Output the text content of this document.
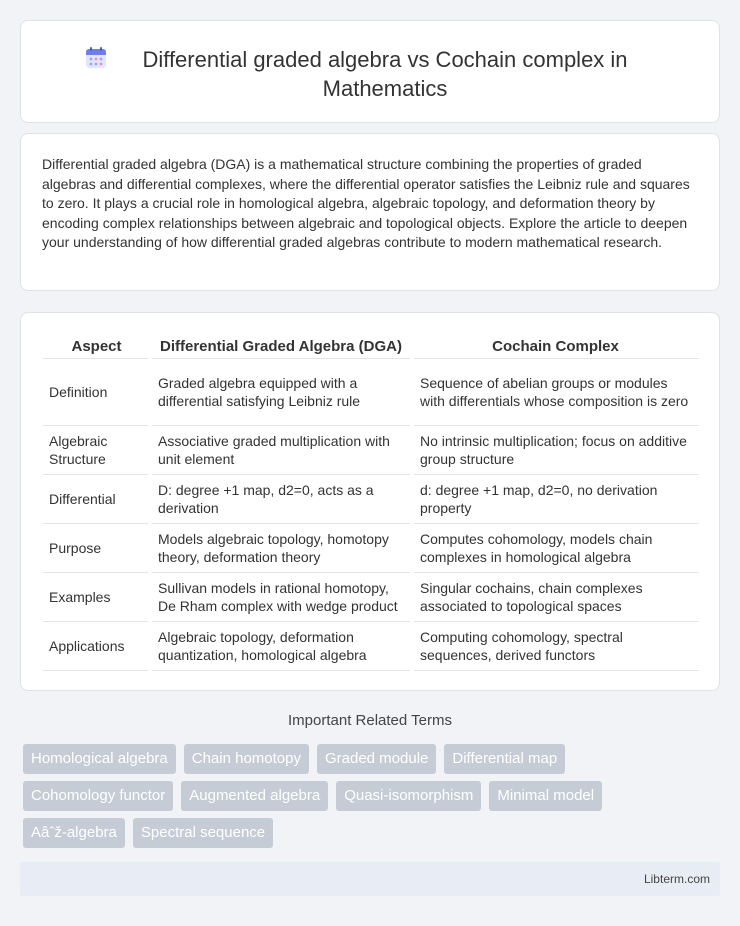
Differential graded algebra vs Cochain complex in Mathematics

Differential graded algebra (DGA) is a mathematical structure combining the properties of graded algebras and differential complexes, where the differential operator satisfies the Leibniz rule and squares to zero. It plays a crucial role in homological algebra, algebraic topology, and deformation theory by encoding complex relationships between algebraic and topological objects. Explore the article to deepen your understanding of how differential graded algebras contribute to modern mathematical research.

Aspect	Differential Graded Algebra (DGA)	Cochain Complex
Definition	Graded algebra equipped with a differential satisfying Leibniz rule	Sequence of abelian groups or modules with differentials whose composition is zero
Algebraic Structure	Associative graded multiplication with unit element	No intrinsic multiplication; focus on additive group structure
Differential	D: degree +1 map, d2=0, acts as a derivation	d: degree +1 map, d2=0, no derivation property
Purpose	Models algebraic topology, homotopy theory, deformation theory	Computes cohomology, models chain complexes in homological algebra
Examples	Sullivan models in rational homotopy, De Rham complex with wedge product	Singular cochains, chain complexes associated to topological spaces
Applications	Algebraic topology, deformation quantization, homological algebra	Computing cohomology, spectral sequences, derived functors
Important Related Terms
Homological algebra	Chain homotopy	Graded module	Differential map
Cohomology functor	Augmented algebra	Quasi-isomorphism	Minimal model
Aâˆž-algebra	Spectral sequence
Libterm.com
